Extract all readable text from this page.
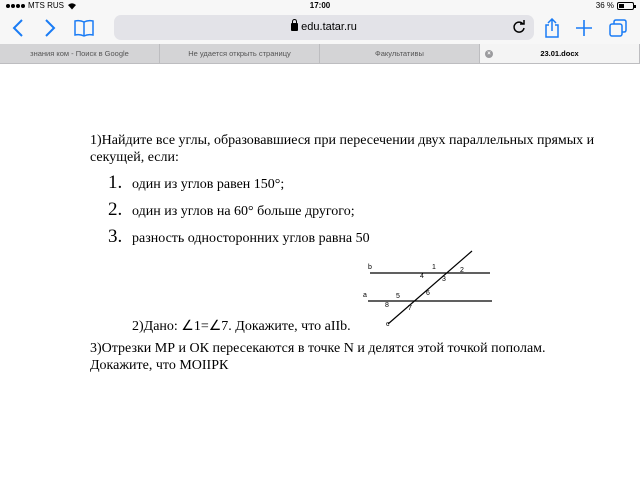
MTS RUS	17:00	36 %
edu.tatar.ru
знания ком - Поиск в Google	Не удается открыть страницу	Факультативы	×	23.01.docx
1)Найдите все углы, образовавшиеся при пересечении двух параллельных прямых и секущей, если:
1. один из углов равен 150°;
2. один из углов на 60° больше другого;
3. разность односторонних углов равна 50
b
a
c
1	2
3
4
5	6
7
8
2)Дано: ∠1=∠7. Докажите, что aIIb.
3)Отрезки МР и ОК пересекаются в точке N и делятся этой точкой пополам. Докажите, что МОIIРК
